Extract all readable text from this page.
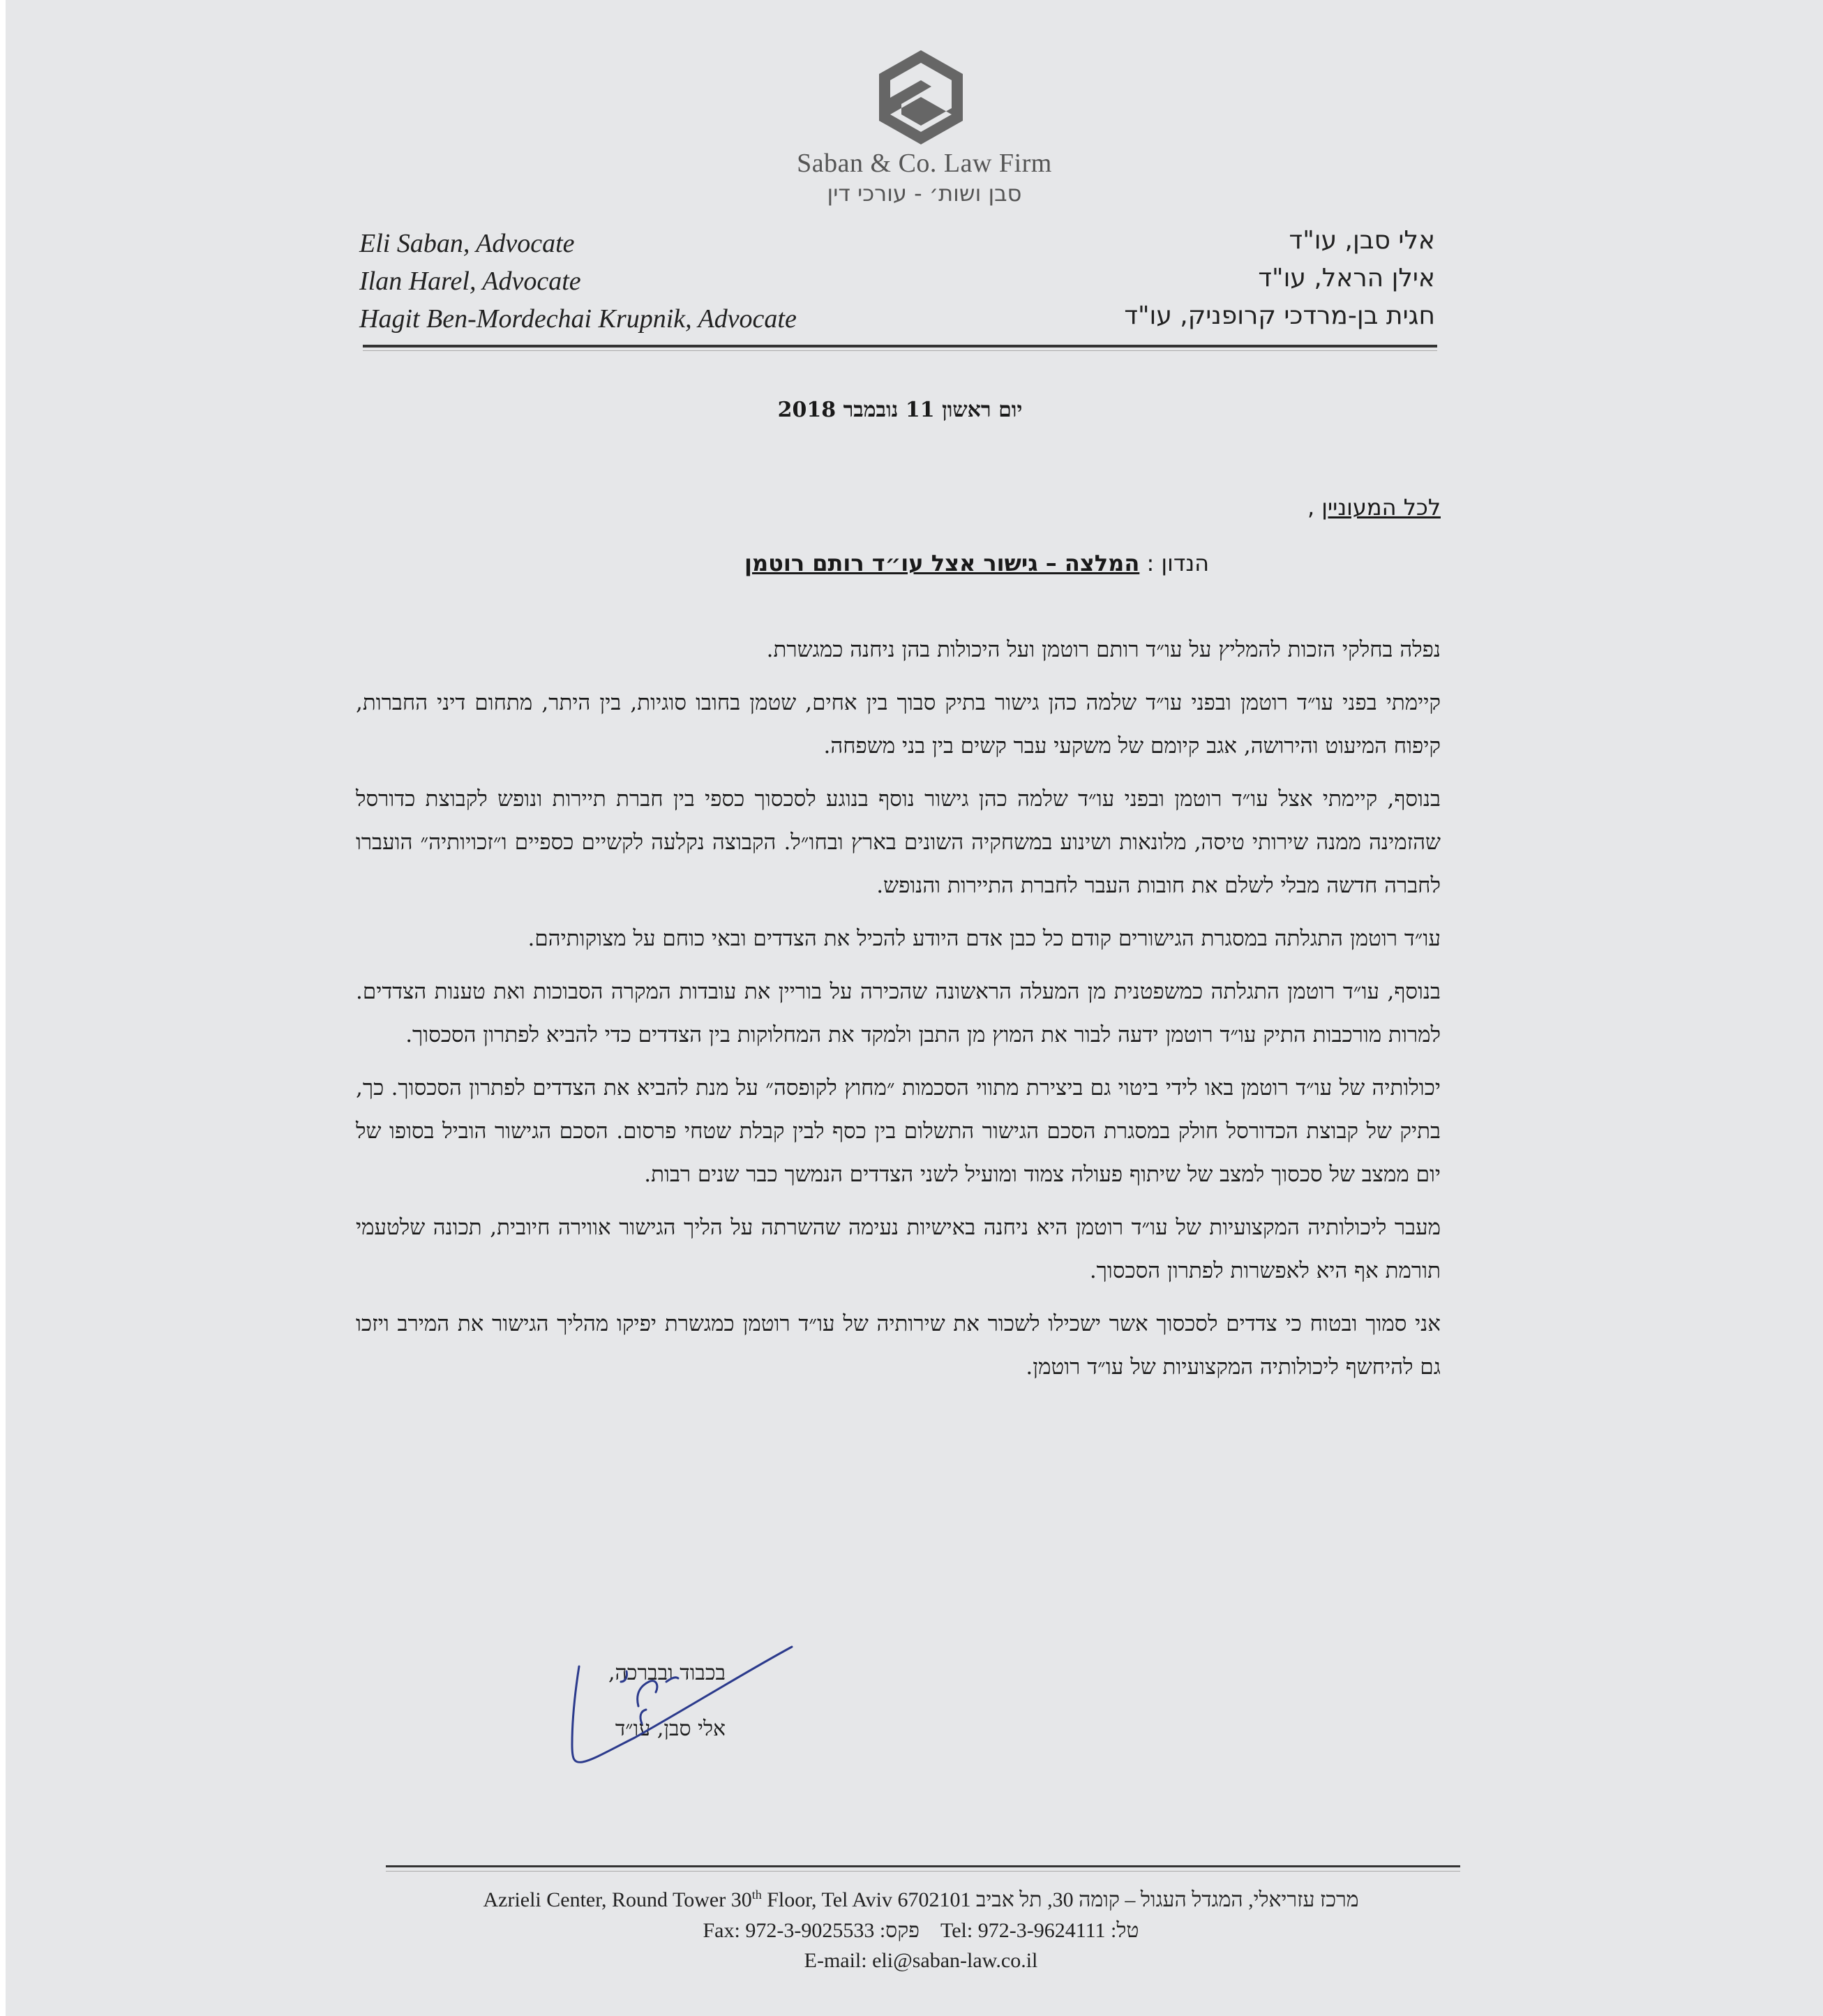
Saban & Co. Law Firm
סבן ושות׳ - עורכי דין
Eli Saban, Advocate
Ilan Harel, Advocate
Hagit Ben-Mordechai Krupnik, Advocate
אלי סבן, עו"ד
אילן הראל, עו"ד
חגית בן-מרדכי קרופניק, עו"ד
יום ראשון 11 נובמבר 2018
לכל המעוניין ,
הנדון : המלצה – גישור אצל עו״ד רותם רוטמן

נפלה בחלקי הזכות להמליץ על עו״ד רותם רוטמן ועל היכולות בהן ניחנה כמגשרת.

קיימתי בפני עו״ד רוטמן ובפני עו״ד שלמה כהן גישור בתיק סבוך בין אחים, שטמן בחובו סוגיות, בין היתר, מתחום דיני החברות, קיפוח המיעוט והירושה, אגב קיומם של משקעי עבר קשים בין בני משפחה.

בנוסף, קיימתי אצל עו״ד רוטמן ובפני עו״ד שלמה כהן גישור נוסף בנוגע לסכסוך כספי בין חברת תיירות ונופש לקבוצת כדורסל שהזמינה ממנה שירותי טיסה, מלונאות ושינוע במשחקיה השונים בארץ ובחו״ל. הקבוצה נקלעה לקשיים כספיים ו״זכויותיה״ הועברו לחברה חדשה מבלי לשלם את חובות העבר לחברת התיירות והנופש.

עו״ד רוטמן התגלתה במסגרת הגישורים קודם כל כבן אדם היודע להכיל את הצדדים ובאי כוחם על מצוקותיהם.

בנוסף, עו״ד רוטמן התגלתה כמשפטנית מן המעלה הראשונה שהכירה על בוריין את עובדות המקרה הסבוכות ואת טענות הצדדים. למרות מורכבות התיק עו״ד רוטמן ידעה לבור את המוץ מן התבן ולמקד את המחלוקות בין הצדדים כדי להביא לפתרון הסכסוך.

יכולותיה של עו״ד רוטמן באו לידי ביטוי גם ביצירת מתווי הסכמות ״מחוץ לקופסה״ על מנת להביא את הצדדים לפתרון הסכסוך. כך, בתיק של קבוצת הכדורסל חולק במסגרת הסכם הגישור התשלום בין כסף לבין קבלת שטחי פרסום. הסכם הגישור הוביל בסופו של יום ממצב של סכסוך למצב של שיתוף פעולה צמוד ומועיל לשני הצדדים הנמשך כבר שנים רבות.

מעבר ליכולותיה המקצועיות של עו״ד רוטמן היא ניחנה באישיות נעימה שהשרתה על הליך הגישור אווירה חיובית, תכונה שלטעמי תורמת אף היא לאפשרות לפתרון הסכסוך.

אני סמוך ובטוח כי צדדים לסכסוך אשר ישכילו לשכור את שירותיה של עו״ד רוטמן כמגשרת יפיקו מהליך הגישור את המירב ויזכו גם להיחשף ליכולותיה המקצועיות של עו״ד רוטמן.

בכבוד ובברכה,
אלי סבן, עו״ד
Azrieli Center, Round Tower 30th Floor, Tel Aviv 6702101 מרכז עזריאלי, המגדל העגול – קומה 30, תל אביב
Fax: 972-3-9025533 פקס: Tel: 972-3-9624111 טל:
E-mail: eli@saban-law.co.il
